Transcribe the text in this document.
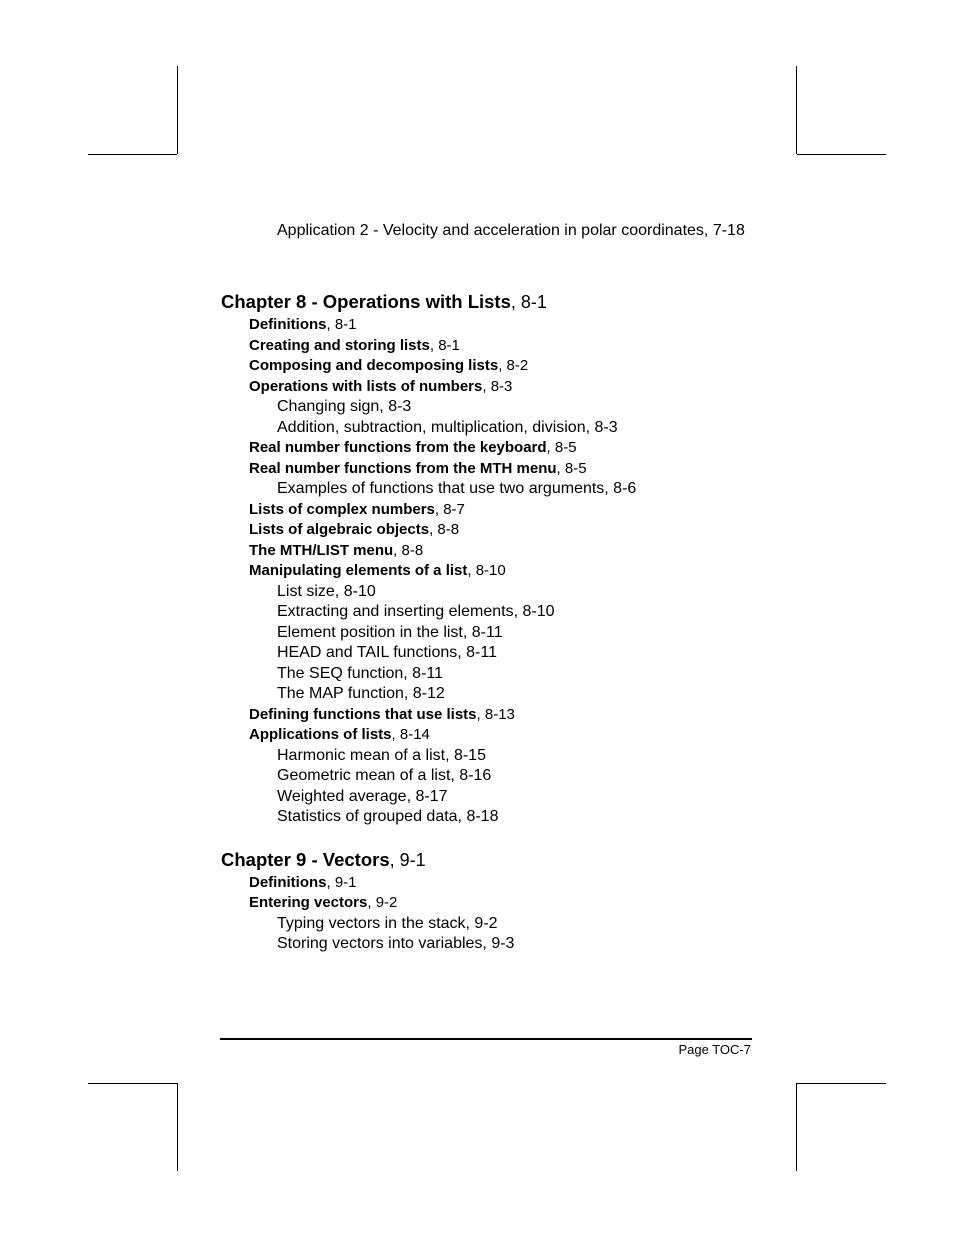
Application 2 - Velocity and acceleration in polar coordinates, 7-18
Chapter 8 - Operations with Lists, 8-1
Definitions, 8-1
Creating and storing lists, 8-1
Composing and decomposing lists, 8-2
Operations with lists of numbers, 8-3
Changing sign, 8-3
Addition, subtraction, multiplication, division, 8-3
Real number functions from the keyboard, 8-5
Real number functions from the MTH menu, 8-5
Examples of functions that use two arguments, 8-6
Lists of complex numbers, 8-7
Lists of algebraic objects, 8-8
The MTH/LIST menu, 8-8
Manipulating elements of a list, 8-10
List size, 8-10
Extracting and inserting elements, 8-10
Element position in the list, 8-11
HEAD and TAIL functions, 8-11
The SEQ function, 8-11
The MAP function, 8-12
Defining functions that use lists, 8-13
Applications of lists, 8-14
Harmonic mean of a list, 8-15
Geometric mean of a list, 8-16
Weighted average, 8-17
Statistics of grouped data, 8-18
Chapter 9 - Vectors, 9-1
Definitions, 9-1
Entering vectors, 9-2
Typing vectors in the stack, 9-2
Storing vectors into variables, 9-3
Page TOC-7
